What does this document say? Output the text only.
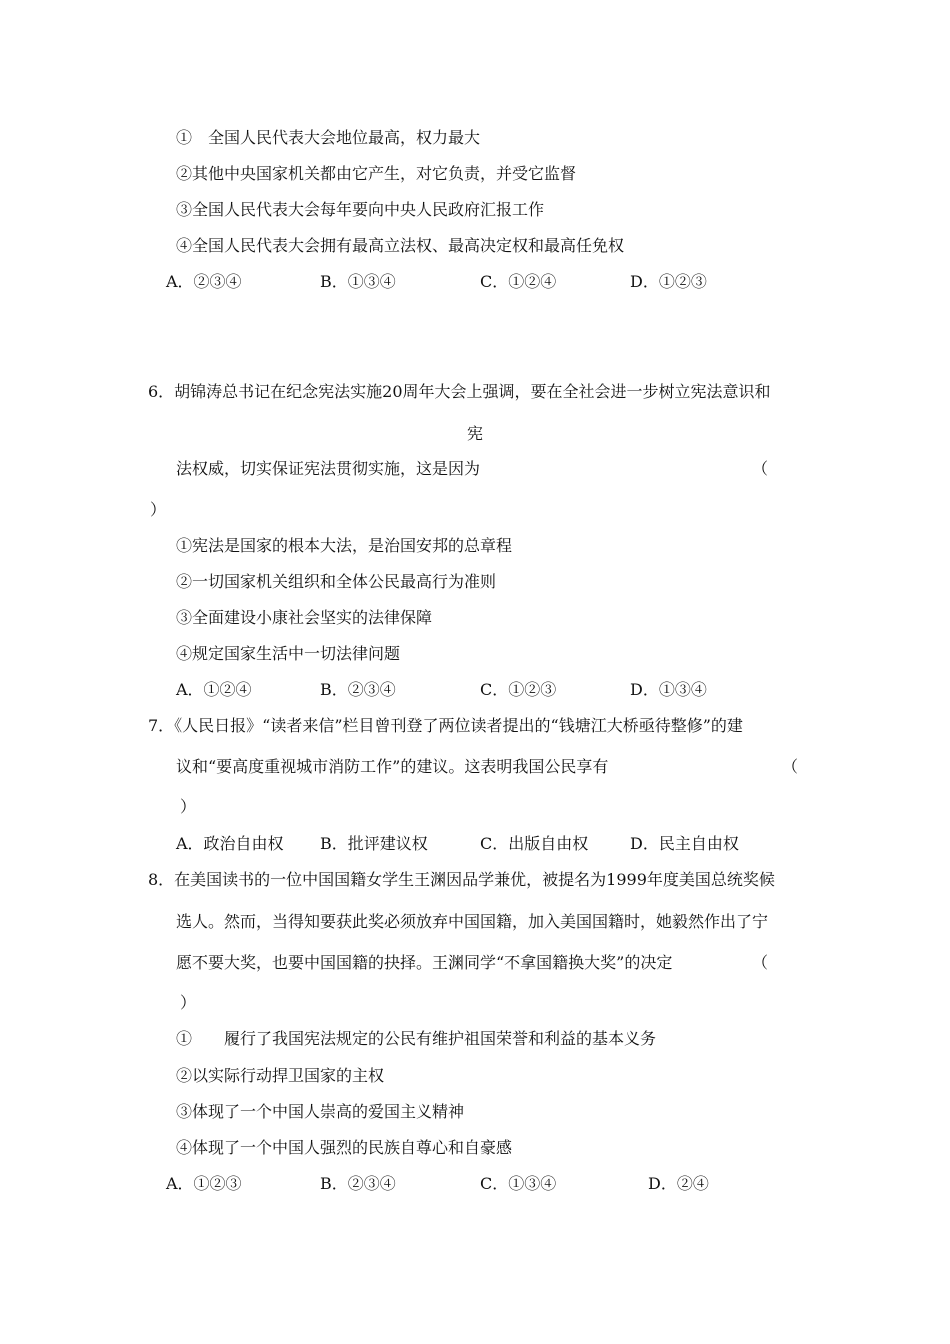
①　全国人民代表大会地位最高，权力最大
②其他中央国家机关都由它产生，对它负责，并受它监督
③全国人民代表大会每年要向中央人民政府汇报工作
④全国人民代表大会拥有最高立法权、最高决定权和最高任免权
A．②③④	B．①③④	C．①②④	D．①②③
6．胡锦涛总书记在纪念宪法实施20周年大会上强调，要在全社会进一步树立宪法意识和
宪
法权威，切实保证宪法贯彻实施，这是因为	（
）
①宪法是国家的根本大法，是治国安邦的总章程
②一切国家机关组织和全体公民最高行为准则
③全面建设小康社会坚实的法律保障
④规定国家生活中一切法律问题
A．①②④	B．②③④	C．①②③	D．①③④
7．《人民日报》“读者来信”栏目曾刊登了两位读者提出的“钱塘江大桥亟待整修”的建
议和“要高度重视城市消防工作”的建议。这表明我国公民享有	（
）
A．政治自由权 B．批评建议权	C．出版自由权	D．民主自由权
8．在美国读书的一位中国国籍女学生王渊因品学兼优，被提名为1999年度美国总统奖候
选人。然而，当得知要获此奖必须放弃中国国籍，加入美国国籍时，她毅然作出了宁
愿不要大奖，也要中国国籍的抉择。王渊同学“不拿国籍换大奖”的决定	（
）
①　　履行了我国宪法规定的公民有维护祖国荣誉和利益的基本义务
②以实际行动捍卫国家的主权
③体现了一个中国人崇高的爱国主义精神
④体现了一个中国人强烈的民族自尊心和自豪感
A．①②③	B．②③④	C．①③④	D．②④
